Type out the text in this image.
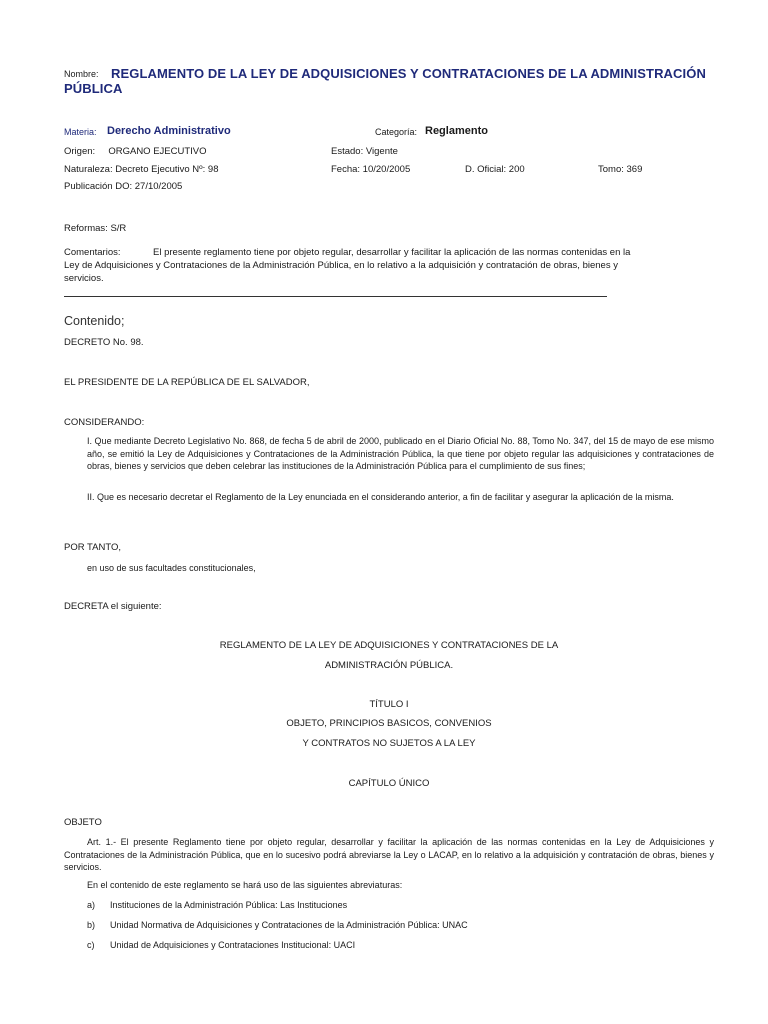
Nombre: REGLAMENTO DE LA LEY DE ADQUISICIONES Y CONTRATACIONES DE LA ADMINISTRACIÓN
PÚBLICA
Materia: Derecho Administrativo	Categoría: Reglamento
Origen:     ORGANO EJECUTIVO	Estado: Vigente
Naturaleza: Decreto Ejecutivo Nº: 98	Fecha: 10/20/2005	D. Oficial: 200	Tomo: 369
Publicación DO: 27/10/2005
Reformas: S/R
Comentarios:	El presente reglamento tiene por objeto regular, desarrollar y facilitar la aplicación de las normas contenidas en la
Ley de Adquisiciones y Contrataciones de la Administración Pública, en lo relativo a la adquisición y contratación de obras, bienes y
servicios.
Contenido;
DECRETO No. 98.
EL PRESIDENTE DE LA REPÚBLICA DE EL SALVADOR,
CONSIDERANDO:
I. Que mediante Decreto Legislativo No. 868, de fecha 5 de abril de 2000, publicado en el Diario Oficial No. 88, Tomo No. 347, del 15 de mayo de ese mismo año, se emitió la Ley de Adquisiciones y Contrataciones de la Administración Pública, la que tiene por objeto regular las adquisiciones y contrataciones de obras, bienes y servicios que deben celebrar las instituciones de la Administración Pública para el cumplimiento de sus fines;
II. Que es necesario decretar el Reglamento de la Ley enunciada en el considerando anterior, a fin de facilitar y asegurar la aplicación de la misma.
POR TANTO,
en uso de sus facultades constitucionales,
DECRETA el siguiente:
REGLAMENTO DE LA LEY DE ADQUISICIONES Y CONTRATACIONES DE LA
ADMINISTRACIÓN PÚBLICA.
TÍTULO I
OBJETO, PRINCIPIOS BASICOS, CONVENIOS
Y CONTRATOS NO SUJETOS A LA LEY
CAPÍTULO ÚNICO
OBJETO
Art. 1.- El presente Reglamento tiene por objeto regular, desarrollar y facilitar la aplicación de las normas contenidas en la Ley de Adquisiciones y Contrataciones de la Administración Pública, que en lo sucesivo podrá abreviarse la Ley o LACAP, en lo relativo a la adquisición y contratación de obras, bienes y servicios.
En el contenido de este reglamento se hará uso de las siguientes abreviaturas:
a) Instituciones de la Administración Pública: Las Instituciones
b) Unidad Normativa de Adquisiciones y Contrataciones de la Administración Pública: UNAC
c) Unidad de Adquisiciones y Contrataciones Institucional: UACI
